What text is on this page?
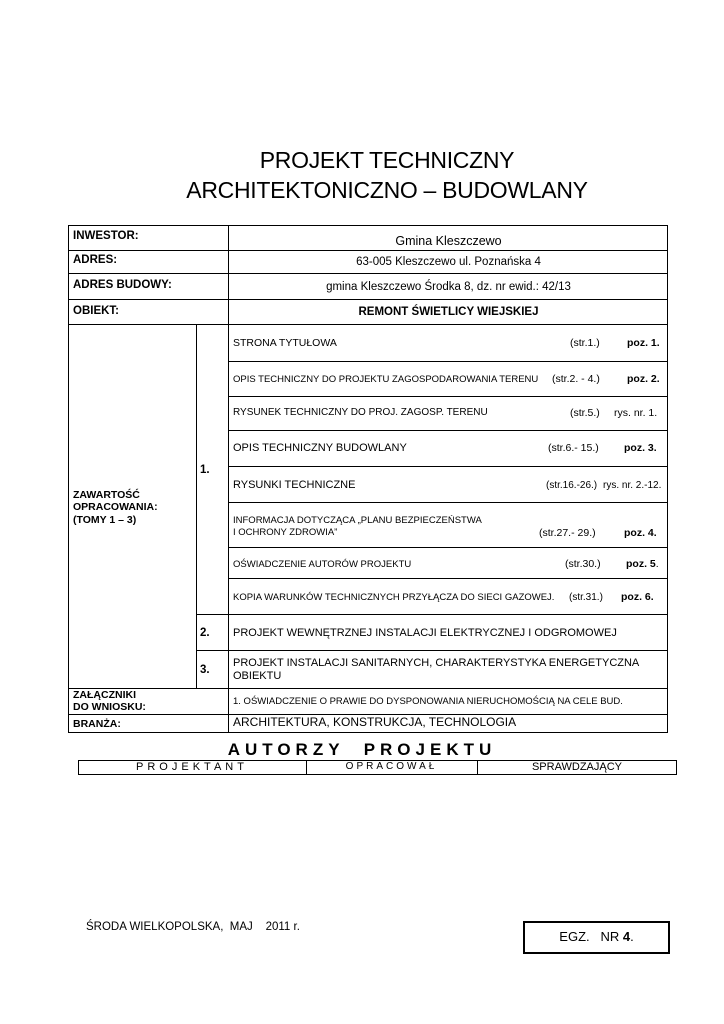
PROJEKT TECHNICZNY
ARCHITEKTONICZNO – BUDOWLANY
INWESTOR:	Gmina Kleszczewo
ADRES:	63-005 Kleszczewo ul. Poznańska 4
ADRES BUDOWY:	gmina Kleszczewo Środka 8, dz. nr ewid.: 42/13
OBIEKT:	REMONT ŚWIETLICY WIEJSKIEJ
ZAWARTOŚĆ
OPRACOWANIA:
(TOMY 1 – 3)
1.
STRONA TYTUŁOWA	(str.1.)	poz. 1.
OPIS TECHNICZNY DO PROJEKTU ZAGOSPODAROWANIA TERENU (str.2. - 4.)	poz. 2.
RYSUNEK TECHNICZNY DO PROJ. ZAGOSP. TERENU	(str.5.) rys. nr. 1.
OPIS TECHNICZNY BUDOWLANY	(str.6.- 15.) poz. 3.
RYSUNKI TECHNICZNE	(str.16.-26.) rys. nr. 2.-12.
INFORMACJA DOTYCZĄCA „PLANU BEZPIECZEŃSTWA
I OCHRONY ZDROWIA”	(str.27.- 29.)	poz. 4.
OŚWIADCZENIE AUTORÓW PROJEKTU	(str.30.) poz. 5.
KOPIA WARUNKÓW TECHNICZNYCH PRZYŁĄCZA DO SIECI GAZOWEJ. (str.31.) poz. 6.
2. PROJEKT WEWNĘTRZNEJ INSTALACJI ELEKTRYCZNEJ I ODGROMOWEJ
3.
PROJEKT INSTALACJI SANITARNYCH, CHARAKTERYSTYKA ENERGETYCZNA
OBIEKTU
ZAŁĄCZNIKI
DO WNIOSKU:	1. OŚWIADCZENIE O PRAWIE DO DYSPONOWANIA NIERUCHOMOŚCIĄ NA CELE BUD.
BRANŻA:	ARCHITEKTURA, KONSTRUKCJA, TECHNOLOGIA
AUTORZY  PROJEKTU
PROJEKTANT	OPRACOWAŁ	SPRAWDZAJĄCY
ŚRODA WIELKOPOLSKA,  MAJ    2011 r.
EGZ.   NR 4.
